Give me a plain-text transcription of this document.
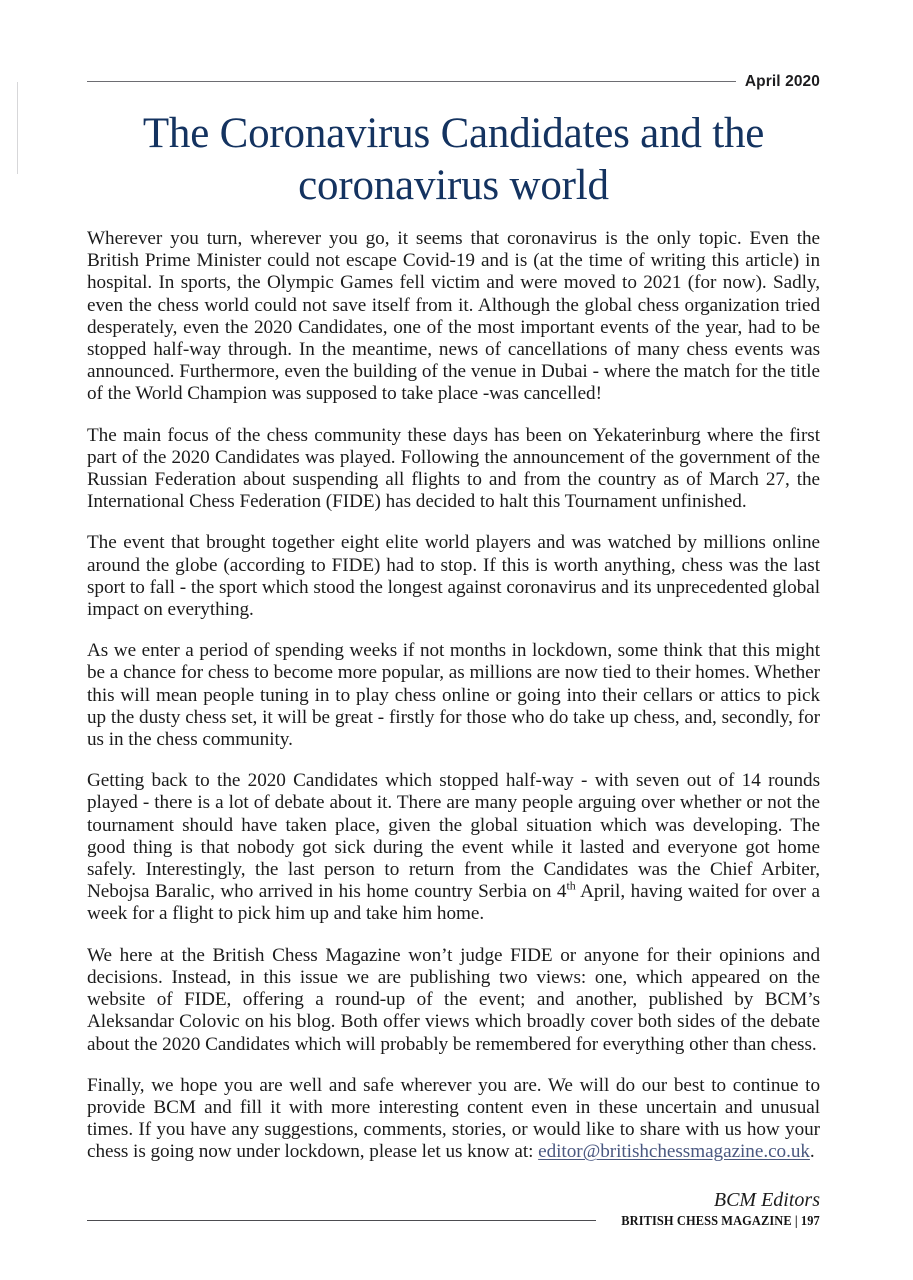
April 2020
The Coronavirus Candidates and the coronavirus world

Wherever you turn, wherever you go, it seems that coronavirus is the only topic. Even the British Prime Minister could not escape Covid-19 and is (at the time of writing this article) in hospital. In sports, the Olympic Games fell victim and were moved to 2021 (for now). Sadly, even the chess world could not save itself from it. Although the global chess organization tried desperately, even the 2020 Candidates, one of the most important events of the year, had to be stopped half-way through. In the meantime, news of cancellations of many chess events was announced. Furthermore, even the building of the venue in Dubai - where the match for the title of the World Champion was supposed to take place -was cancelled!

The main focus of the chess community these days has been on Yekaterinburg where the first part of the 2020 Candidates was played. Following the announcement of the government of the Russian Federation about suspending all flights to and from the country as of March 27, the International Chess Federation (FIDE) has decided to halt this Tournament unfinished.

The event that brought together eight elite world players and was watched by millions online around the globe (according to FIDE) had to stop. If this is worth anything, chess was the last sport to fall - the sport which stood the longest against coronavirus and its unprecedented global impact on everything.

As we enter a period of spending weeks if not months in lockdown, some think that this might be a chance for chess to become more popular, as millions are now tied to their homes. Whether this will mean people tuning in to play chess online or going into their cellars or attics to pick up the dusty chess set, it will be great - firstly for those who do take up chess, and, secondly, for us in the chess community.

Getting back to the 2020 Candidates which stopped half-way - with seven out of 14 rounds played - there is a lot of debate about it. There are many people arguing over whether or not the tournament should have taken place, given the global situation which was developing. The good thing is that nobody got sick during the event while it lasted and everyone got home safely. Interestingly, the last person to return from the Candidates was the Chief Arbiter, Nebojsa Baralic, who arrived in his home country Serbia on 4th April, having waited for over a week for a flight to pick him up and take him home.

We here at the British Chess Magazine won’t judge FIDE or anyone for their opinions and decisions. Instead, in this issue we are publishing two views: one, which appeared on the website of FIDE, offering a round-up of the event; and another, published by BCM’s Aleksandar Colovic on his blog. Both offer views which broadly cover both sides of the debate about the 2020 Candidates which will probably be remembered for everything other than chess.

Finally, we hope you are well and safe wherever you are. We will do our best to continue to provide BCM and fill it with more interesting content even in these uncertain and unusual times. If you have any suggestions, comments, stories, or would like to share with us how your chess is going now under lockdown, please let us know at: editor@britishchessmagazine.co.uk.

BCM Editors

BRITISH CHESS MAGAZINE | 197
